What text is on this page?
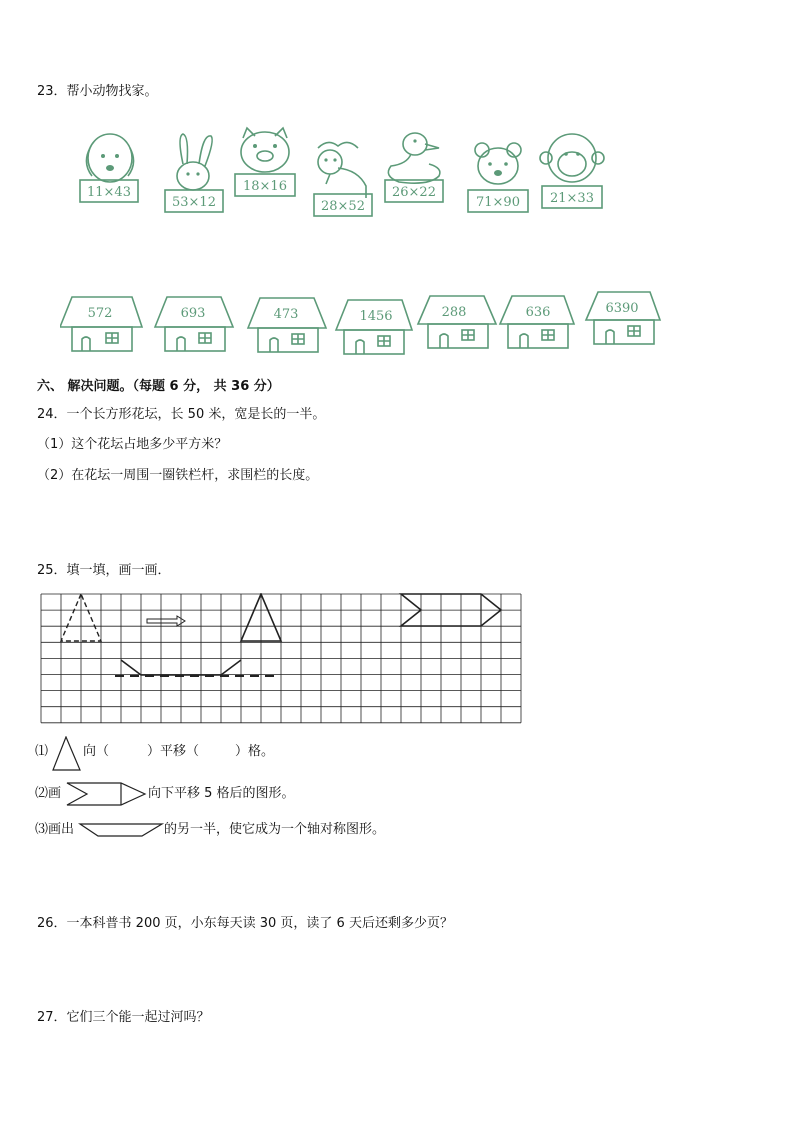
23．帮小动物找家。
11×43
53×12
18×16
28×52
26×22
71×90 21×33
572	693	473	1456	288	636	6390
六、 解决问题。（每题 6 分， 共 36 分）
24．一个长方形花坛，长 50 米，宽是长的一半。
（1）这个花坛占地多少平方米？
（2）在花坛一周围一圈铁栏杆，求围栏的长度。
25．填一填，画一画．
⑴	向（	）平移（	）格。
⑵画	向下平移 5 格后的图形。
⑶画出	的另一半，使它成为一个轴对称图形。
26．一本科普书 200 页，小东每天读 30 页，读了 6 天后还剩多少页？
27．它们三个能一起过河吗？
